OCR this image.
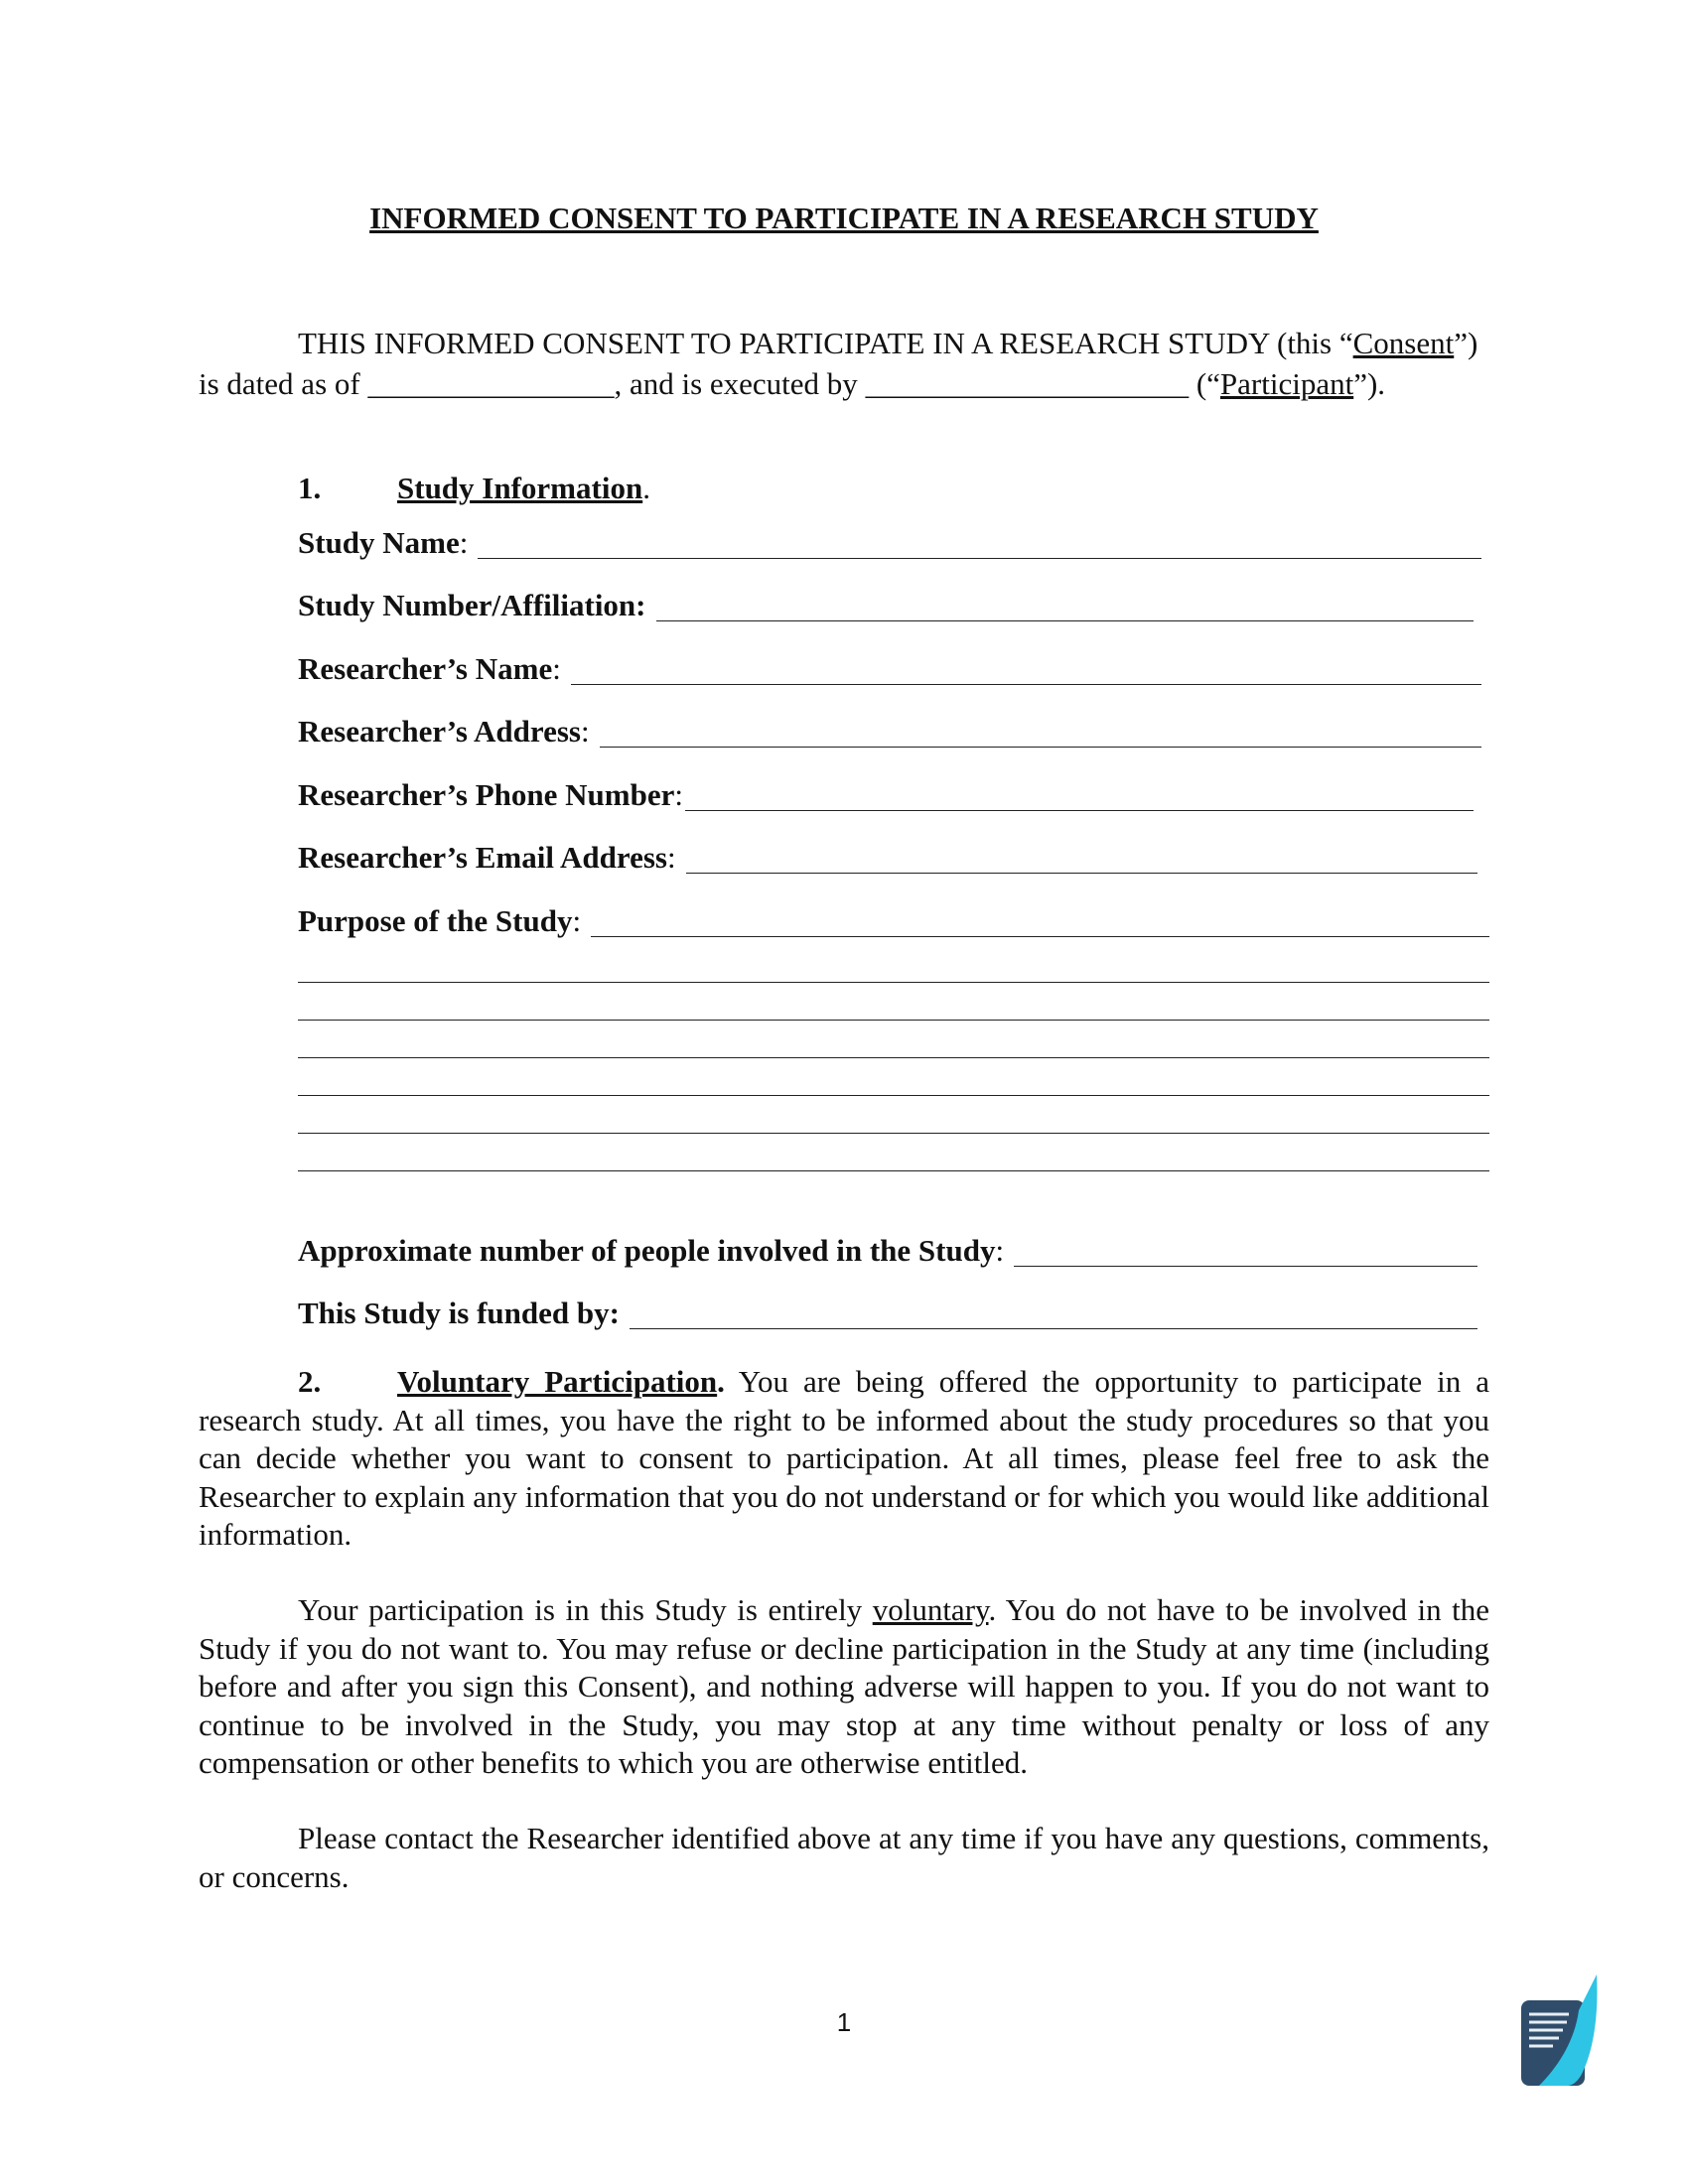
INFORMED CONSENT TO PARTICIPATE IN A RESEARCH STUDY

THIS INFORMED CONSENT TO PARTICIPATE IN A RESEARCH STUDY (this “Consent”) is dated as of ________________, and is executed by _____________________ (“Participant”).

1. Study Information.
Study Name:
Study Number/Affiliation:
Researcher’s Name:
Researcher’s Address:
Researcher’s Phone Number:
Researcher’s Email Address:
Purpose of the Study:
Approximate number of people involved in the Study:
This Study is funded by:

2. Voluntary Participation. You are being offered the opportunity to participate in a research study. At all times, you have the right to be informed about the study procedures so that you can decide whether you want to consent to participation. At all times, please feel free to ask the Researcher to explain any information that you do not understand or for which you would like additional information.

Your participation is in this Study is entirely voluntary. You do not have to be involved in the Study if you do not want to. You may refuse or decline participation in the Study at any time (including before and after you sign this Consent), and nothing adverse will happen to you. If you do not want to continue to be involved in the Study, you may stop at any time without penalty or loss of any compensation or other benefits to which you are otherwise entitled.

Please contact the Researcher identified above at any time if you have any questions, comments, or concerns.

1
